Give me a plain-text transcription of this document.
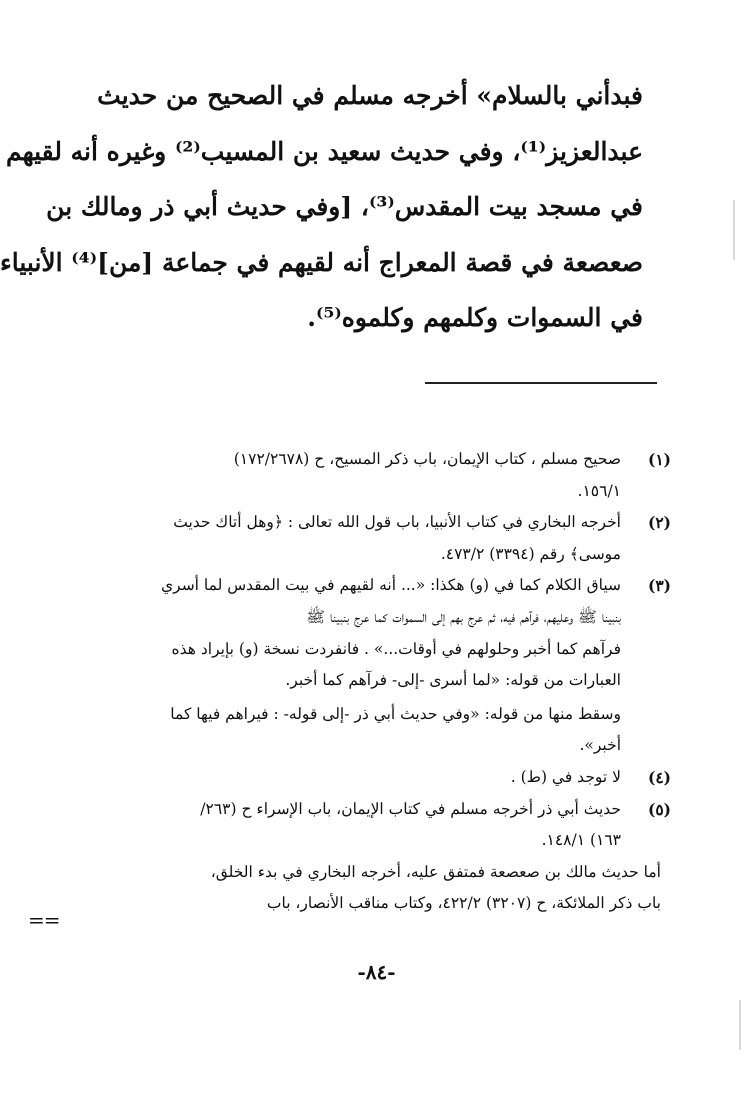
فبدأني بالسلام» أخرجه مسلم في الصحيح من حديث
عبدالعزيز⁽¹⁾، وفي حديث سعيد بن المسيب⁽²⁾ وغيره أنه لقيهم
في مسجد بيت المقدس⁽³⁾، [وفي حديث أبي ذر ومالك بن
صعصعة في قصة المعراج أنه لقيهم في جماعة [من]⁽⁴⁾ الأنبياء
في السموات وكلمهم وكلموه⁽⁵⁾.
(١)
صحيح مسلم ، كتاب الإيمان، باب ذكر المسيح، ح (١٧٢/٢٦٧٨)
١٥٦/١.
(٢)
أخرجه البخاري في كتاب الأنبيا، باب قول الله تعالى : ﴿وهل أتاك حديث
موسى﴾ رقم (٣٣٩٤) ٤٧٣/٢.
(٣)
سياق الكلام كما في (و) هكذا: «... أنه لقيهم في بيت المقدس لما أسري
بنبينا ﷺ وعليهم، فرآهم فيه، ثم عرج بهم إلى السموات كما عرج بنبينا ﷺ
فرآهم كما أخبر وحلولهم في أوقات...» . فانفردت نسخة (و) بإيراد هذه
العبارات من قوله: «لما أسرى -إلى- فرآهم كما أخبر.
وسقط منها من قوله: «وفي حديث أبي ذر -إلى قوله- : فيراهم فيها كما
أخبر».
(٤)
لا توجد في (ط) .
(٥)
حديث أبي ذر أخرجه مسلم في كتاب الإيمان، باب الإسراء ح (٢٦٣/
١٦٣) ١٤٨/١.
أما حديث مالك بن صعصعة فمتفق عليه، أخرجه البخاري في بدء الخلق،
باب ذكر الملائكة، ح (٣٢٠٧) ٤٢٢/٢، وكتاب مناقب الأنصار، باب
==
-٨٤-
